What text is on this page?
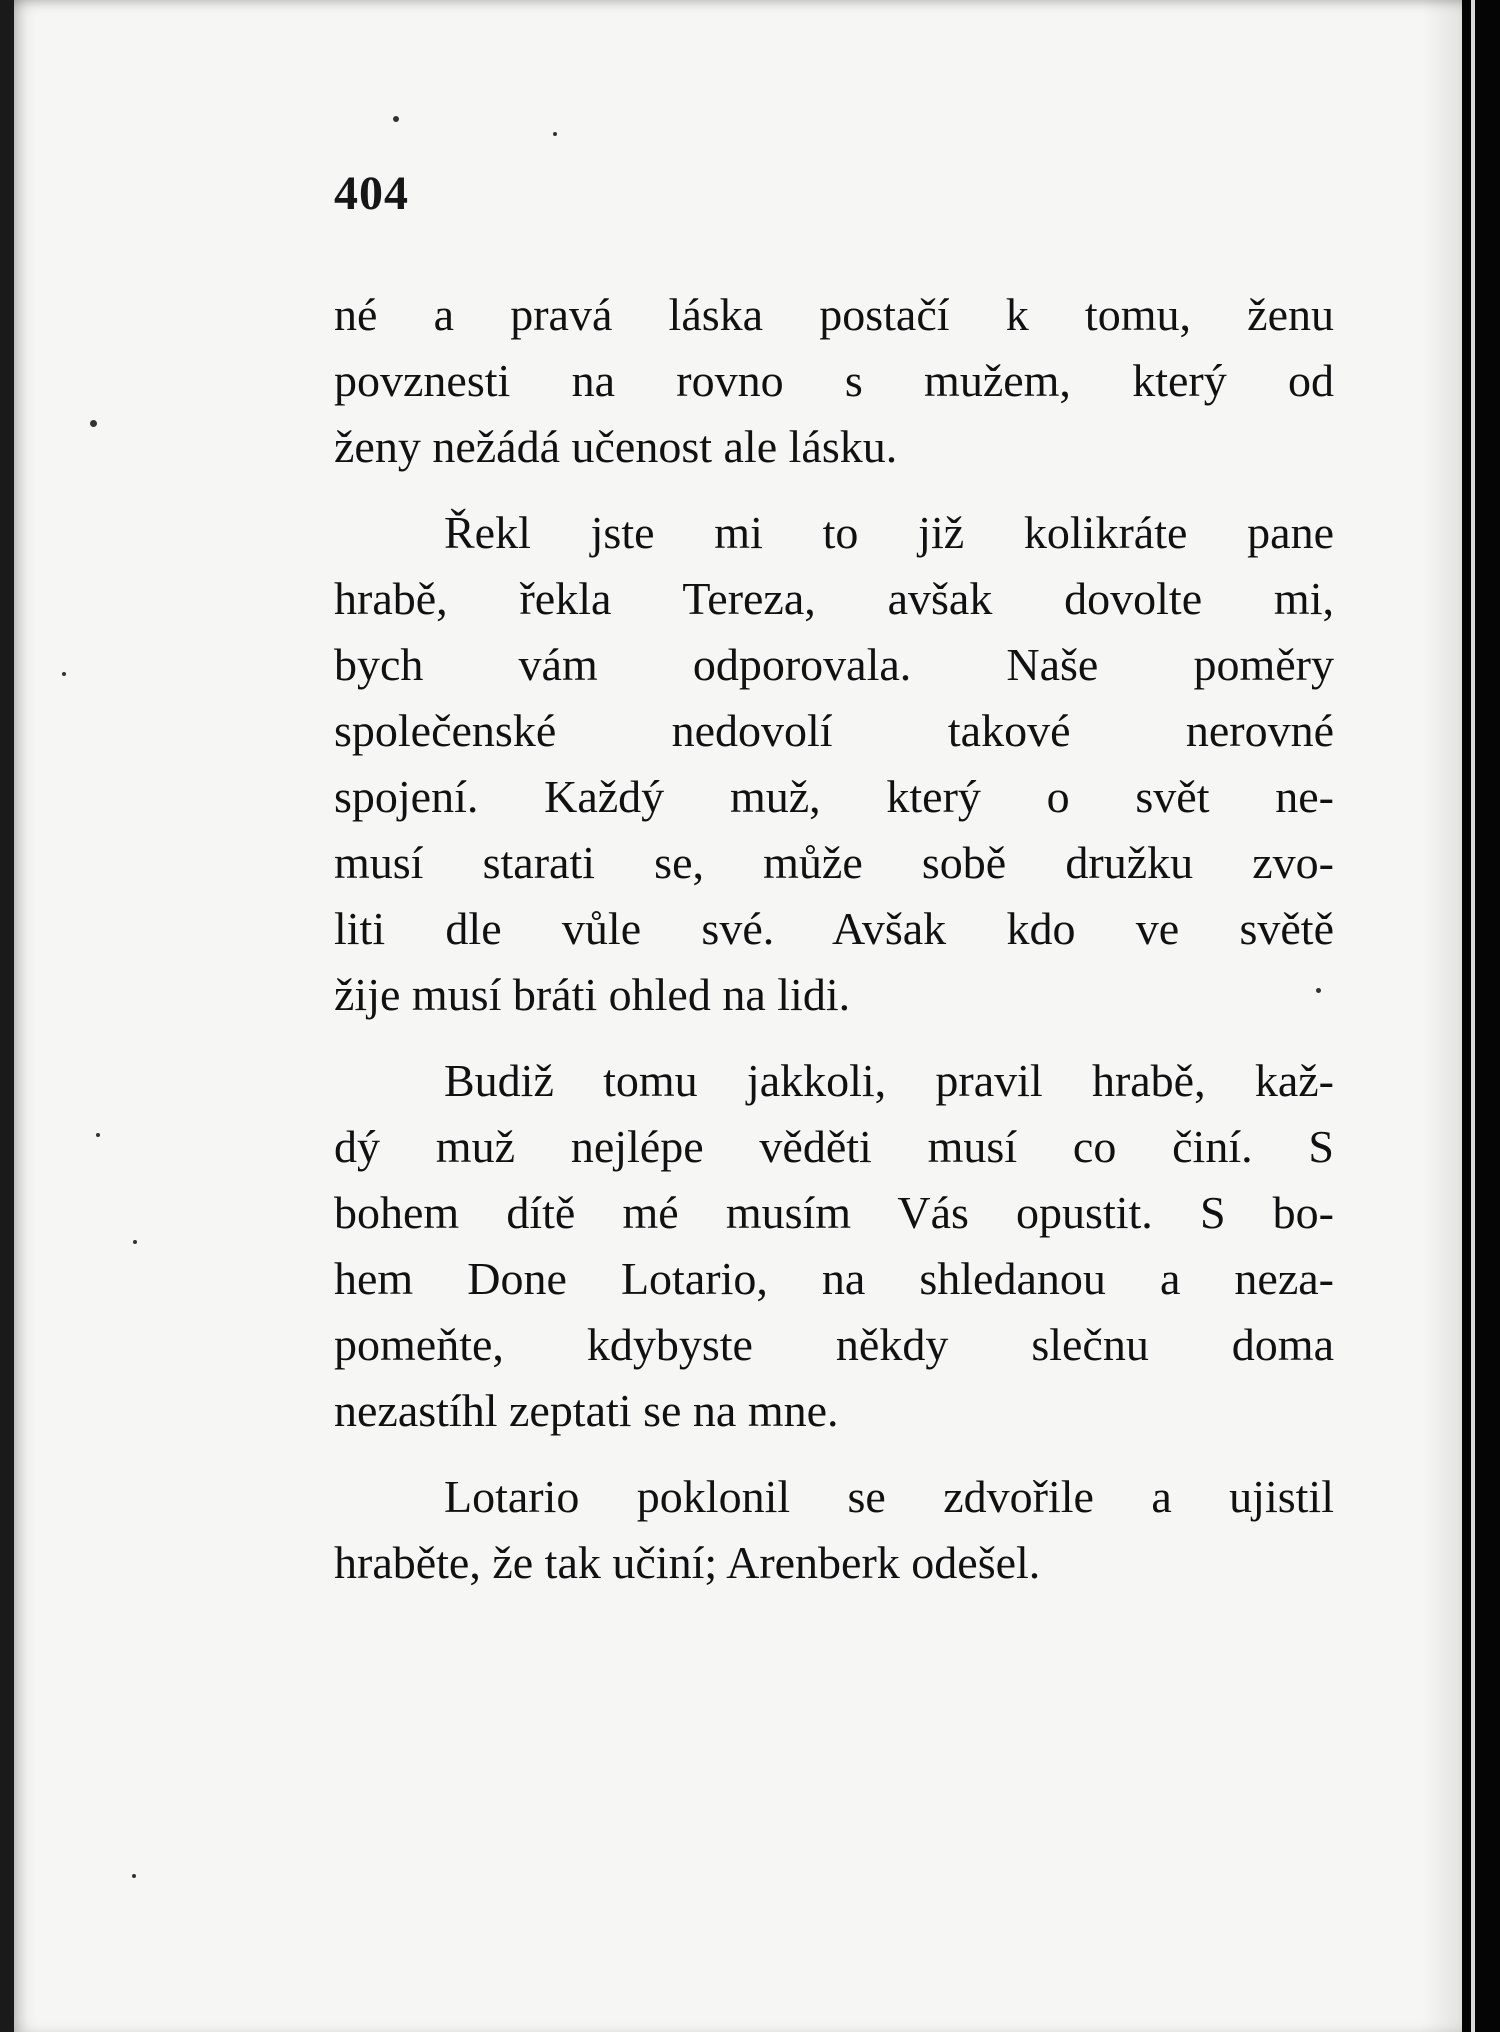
404
né a pravá láska postačí k tomu, ženu
povznesti na rovno s mužem, který od
ženy nežádá učenost ale lásku.
Řekl jste mi to již kolikráte pane
hrabě, řekla Tereza, avšak dovolte mi,
bych vám odporovala. Naše poměry
společenské nedovolí takové nerovné
spojení. Každý muž, který o svět ne-
musí starati se, může sobě družku zvo-
liti dle vůle své. Avšak kdo ve světě
žije musí bráti ohled na lidi.
Budiž tomu jakkoli, pravil hrabě, kaž-
dý muž nejlépe věděti musí co činí. S
bohem dítě mé musím Vás opustit. S bo-
hem Done Lotario, na shledanou a neza-
pomeňte, kdybyste někdy slečnu doma
nezastíhl zeptati se na mne.
Lotario poklonil se zdvořile a ujistil
hraběte, že tak učiní; Arenberk odešel.
